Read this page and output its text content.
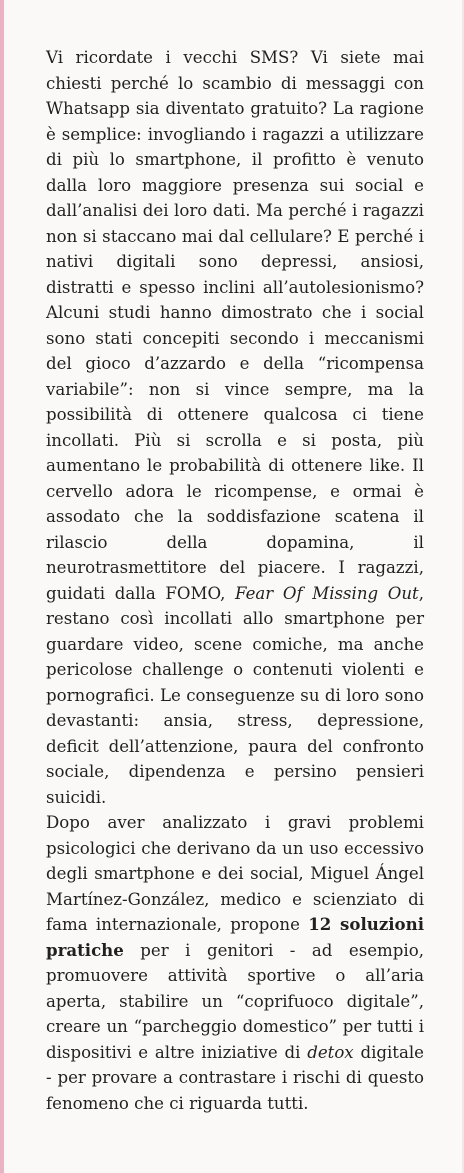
Vi ricordate i vecchi SMS? Vi siete mai chiesti perché lo scambio di messaggi con Whatsapp sia diventato gratuito? La ragione è semplice: invogliando i ragazzi a utilizzare di più lo smartphone, il profitto è venuto dalla loro maggiore presenza sui social e dall’analisi dei loro dati. Ma perché i ragazzi non si staccano mai dal cellulare? E perché i nativi digitali sono depressi, ansiosi, distratti e spesso inclini all’autolesionismo? Alcuni studi hanno dimostrato che i social sono stati concepiti secondo i meccanismi del gioco d’azzardo e della “ricompensa variabile”: non si vince sempre, ma la possibilità di ottenere qualcosa ci tiene incollati. Più si scrolla e si posta, più aumentano le probabilità di ottenere like. Il cervello adora le ricompense, e ormai è assodato che la soddisfazione scatena il rilascio della dopamina, il neurotrasmettitore del piacere. I ragazzi, guidati dalla FOMO, Fear Of Missing Out, restano così incollati allo smartphone per guardare video, scene comiche, ma anche pericolose challenge o contenuti violenti e pornografici. Le conseguenze su di loro sono devastanti: ansia, stress, depressione, deficit dell’attenzione, paura del confronto sociale, dipendenza e persino pensieri suicidi.

Dopo aver analizzato i gravi problemi psicologici che derivano da un uso eccessivo degli smartphone e dei social, Miguel Ángel Martínez-González, medico e scienziato di fama internazionale, propone 12 soluzioni pratiche per i genitori - ad esempio, promuovere attività sportive o all’aria aperta, stabilire un “coprifuoco digitale”, creare un “parcheggio domestico” per tutti i dispositivi e altre iniziative di detox digitale - per provare a contrastare i rischi di questo fenomeno che ci riguarda tutti.
